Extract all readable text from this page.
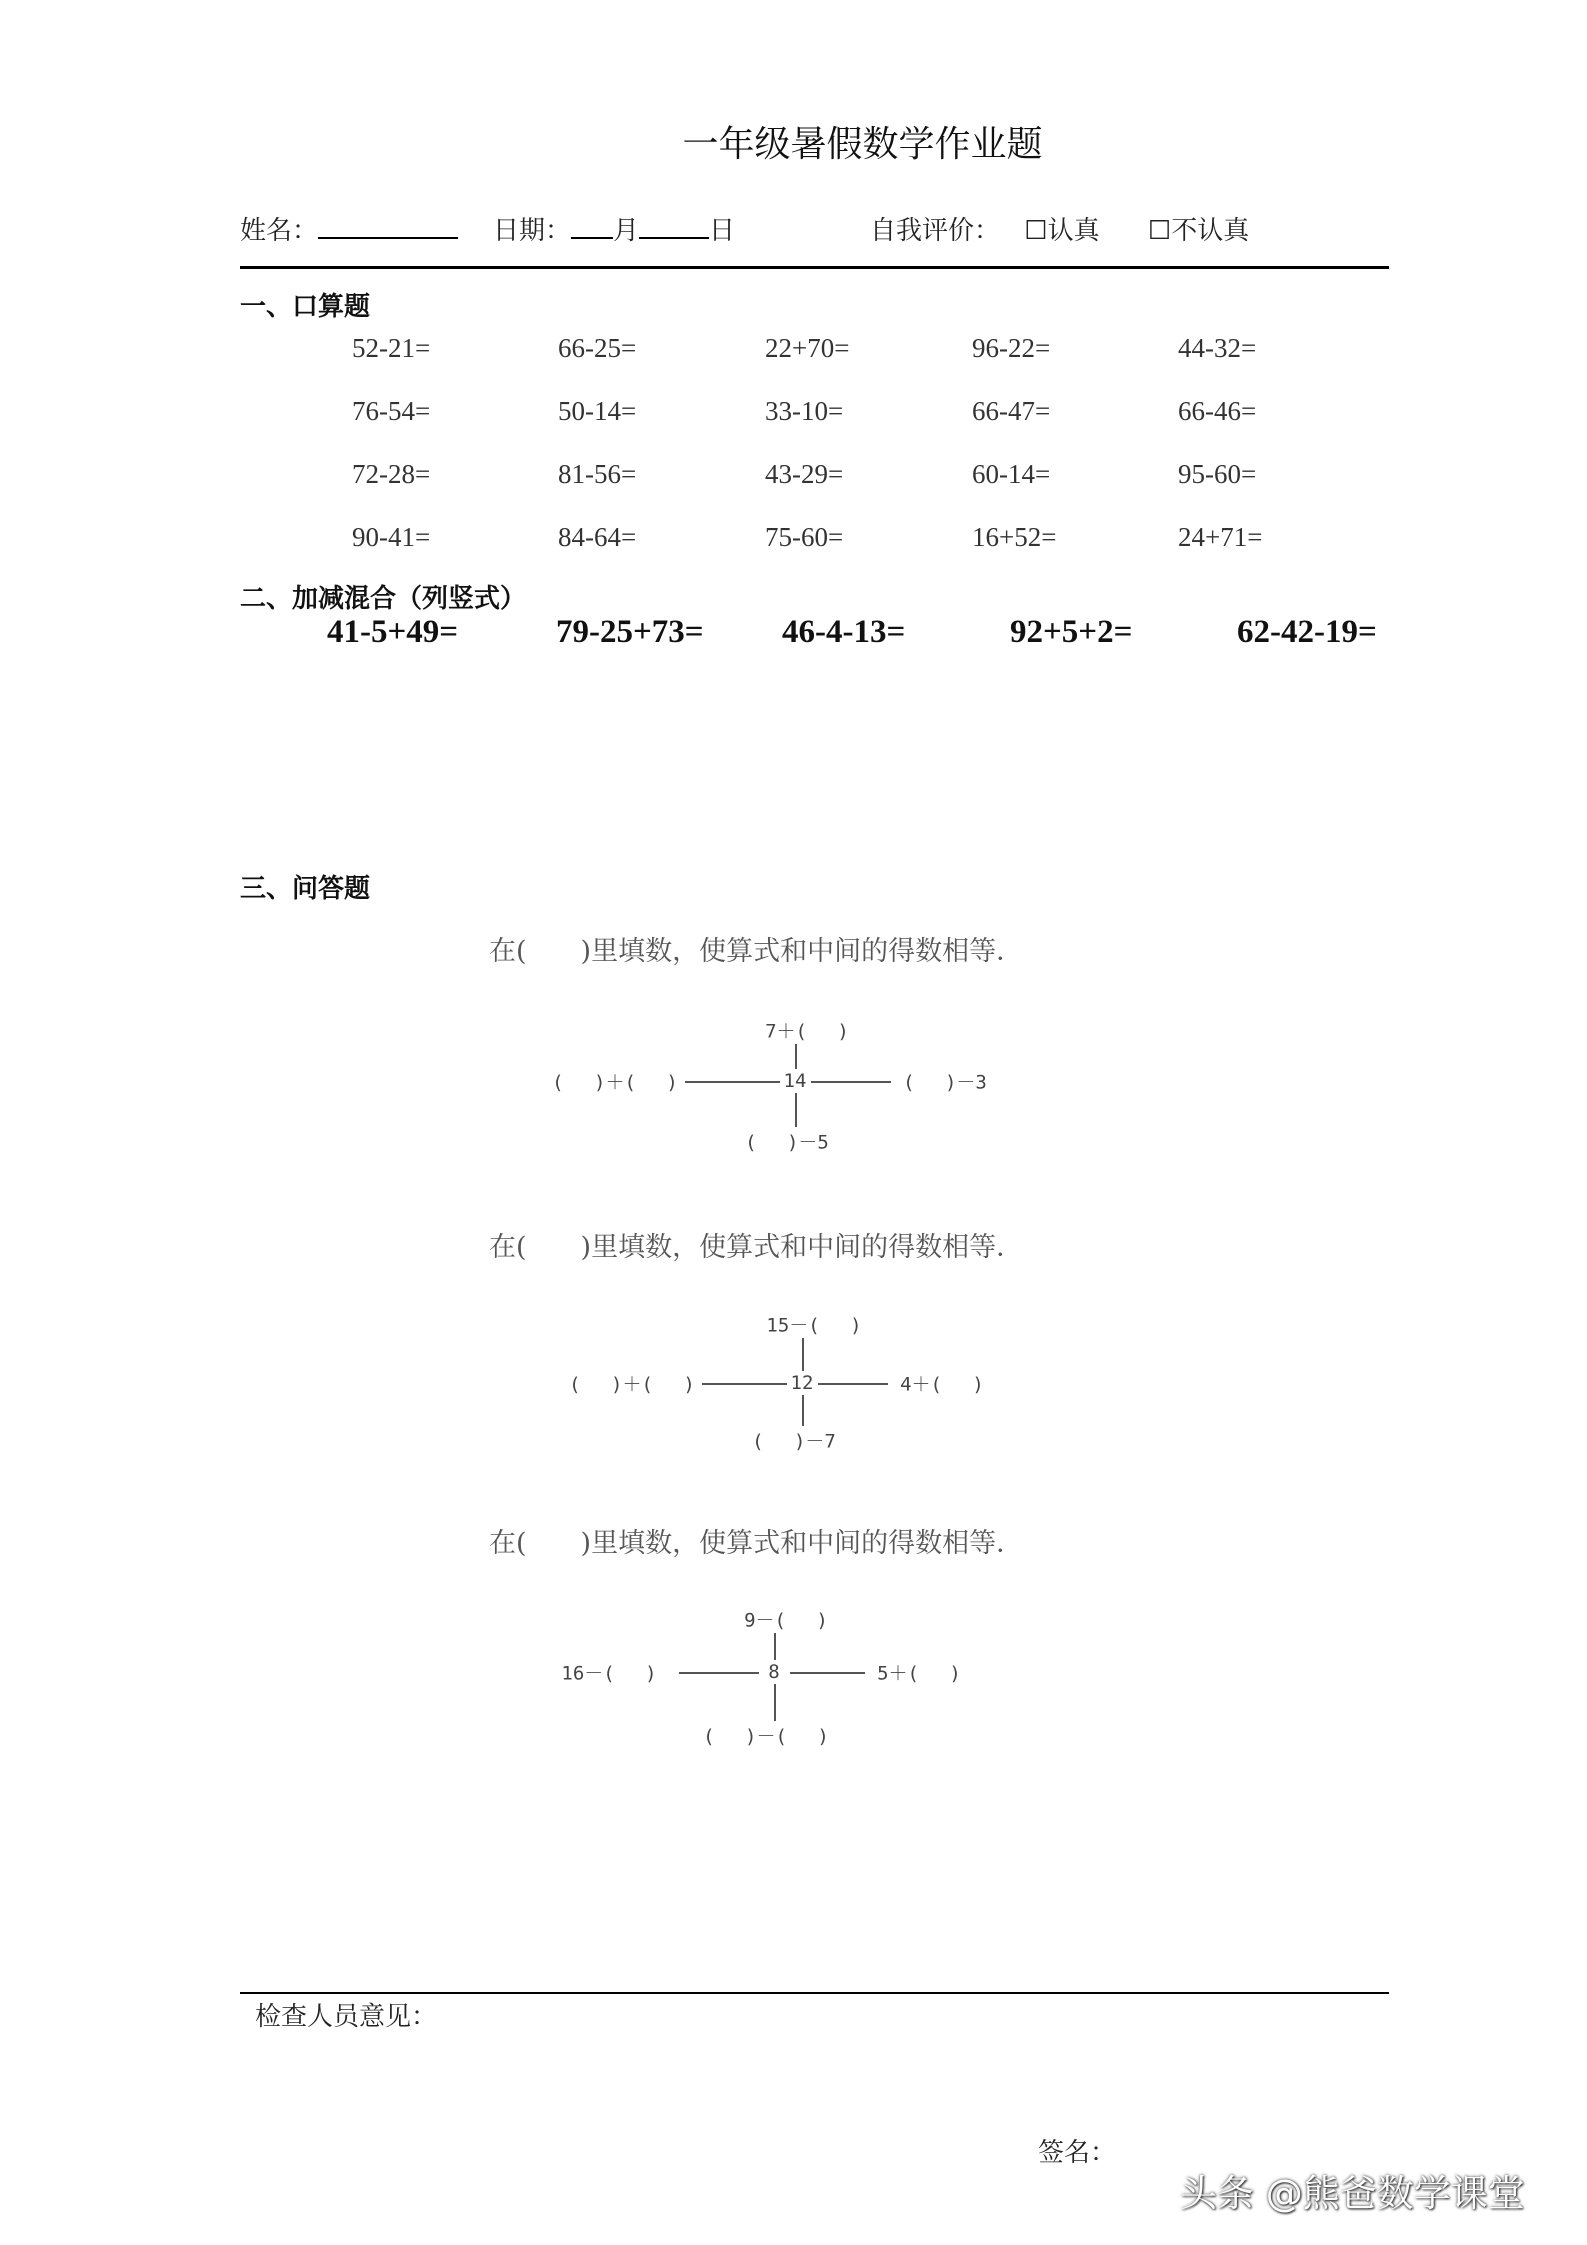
一年级暑假数学作业题
姓名：	日期： 月	日	自我评价： ☐认真 ☐不认真
一、口算题
52-21=	66-25=	22+70=	96-22=	44-32=
76-54=	50-14=	33-10=	66-47=	66-46=
72-28=	81-56=	43-29=	60-14=	95-60=
90-41=	84-64=	75-60=	16+52=	24+71=
二、加减混合（列竖式）
41-5+49=	79-25+73= 46-4-13=	92+5+2=	62-42-19=
三、问答题
在(　　)里填数，使算式和中间的得数相等．
14
7＋(　 )
(　 )－5
(　 )＋(　 )	(　 )－3
在(　　)里填数，使算式和中间的得数相等．
12
15－(　 )
(　 )－7
(　 )＋(　 )	4＋(　 )
在(　　)里填数，使算式和中间的得数相等．
8
9－(　 )
(　 )－(　 )
16－(　 )	5＋(　 )
检查人员意见：
签名：
头条 @熊爸数学课堂
